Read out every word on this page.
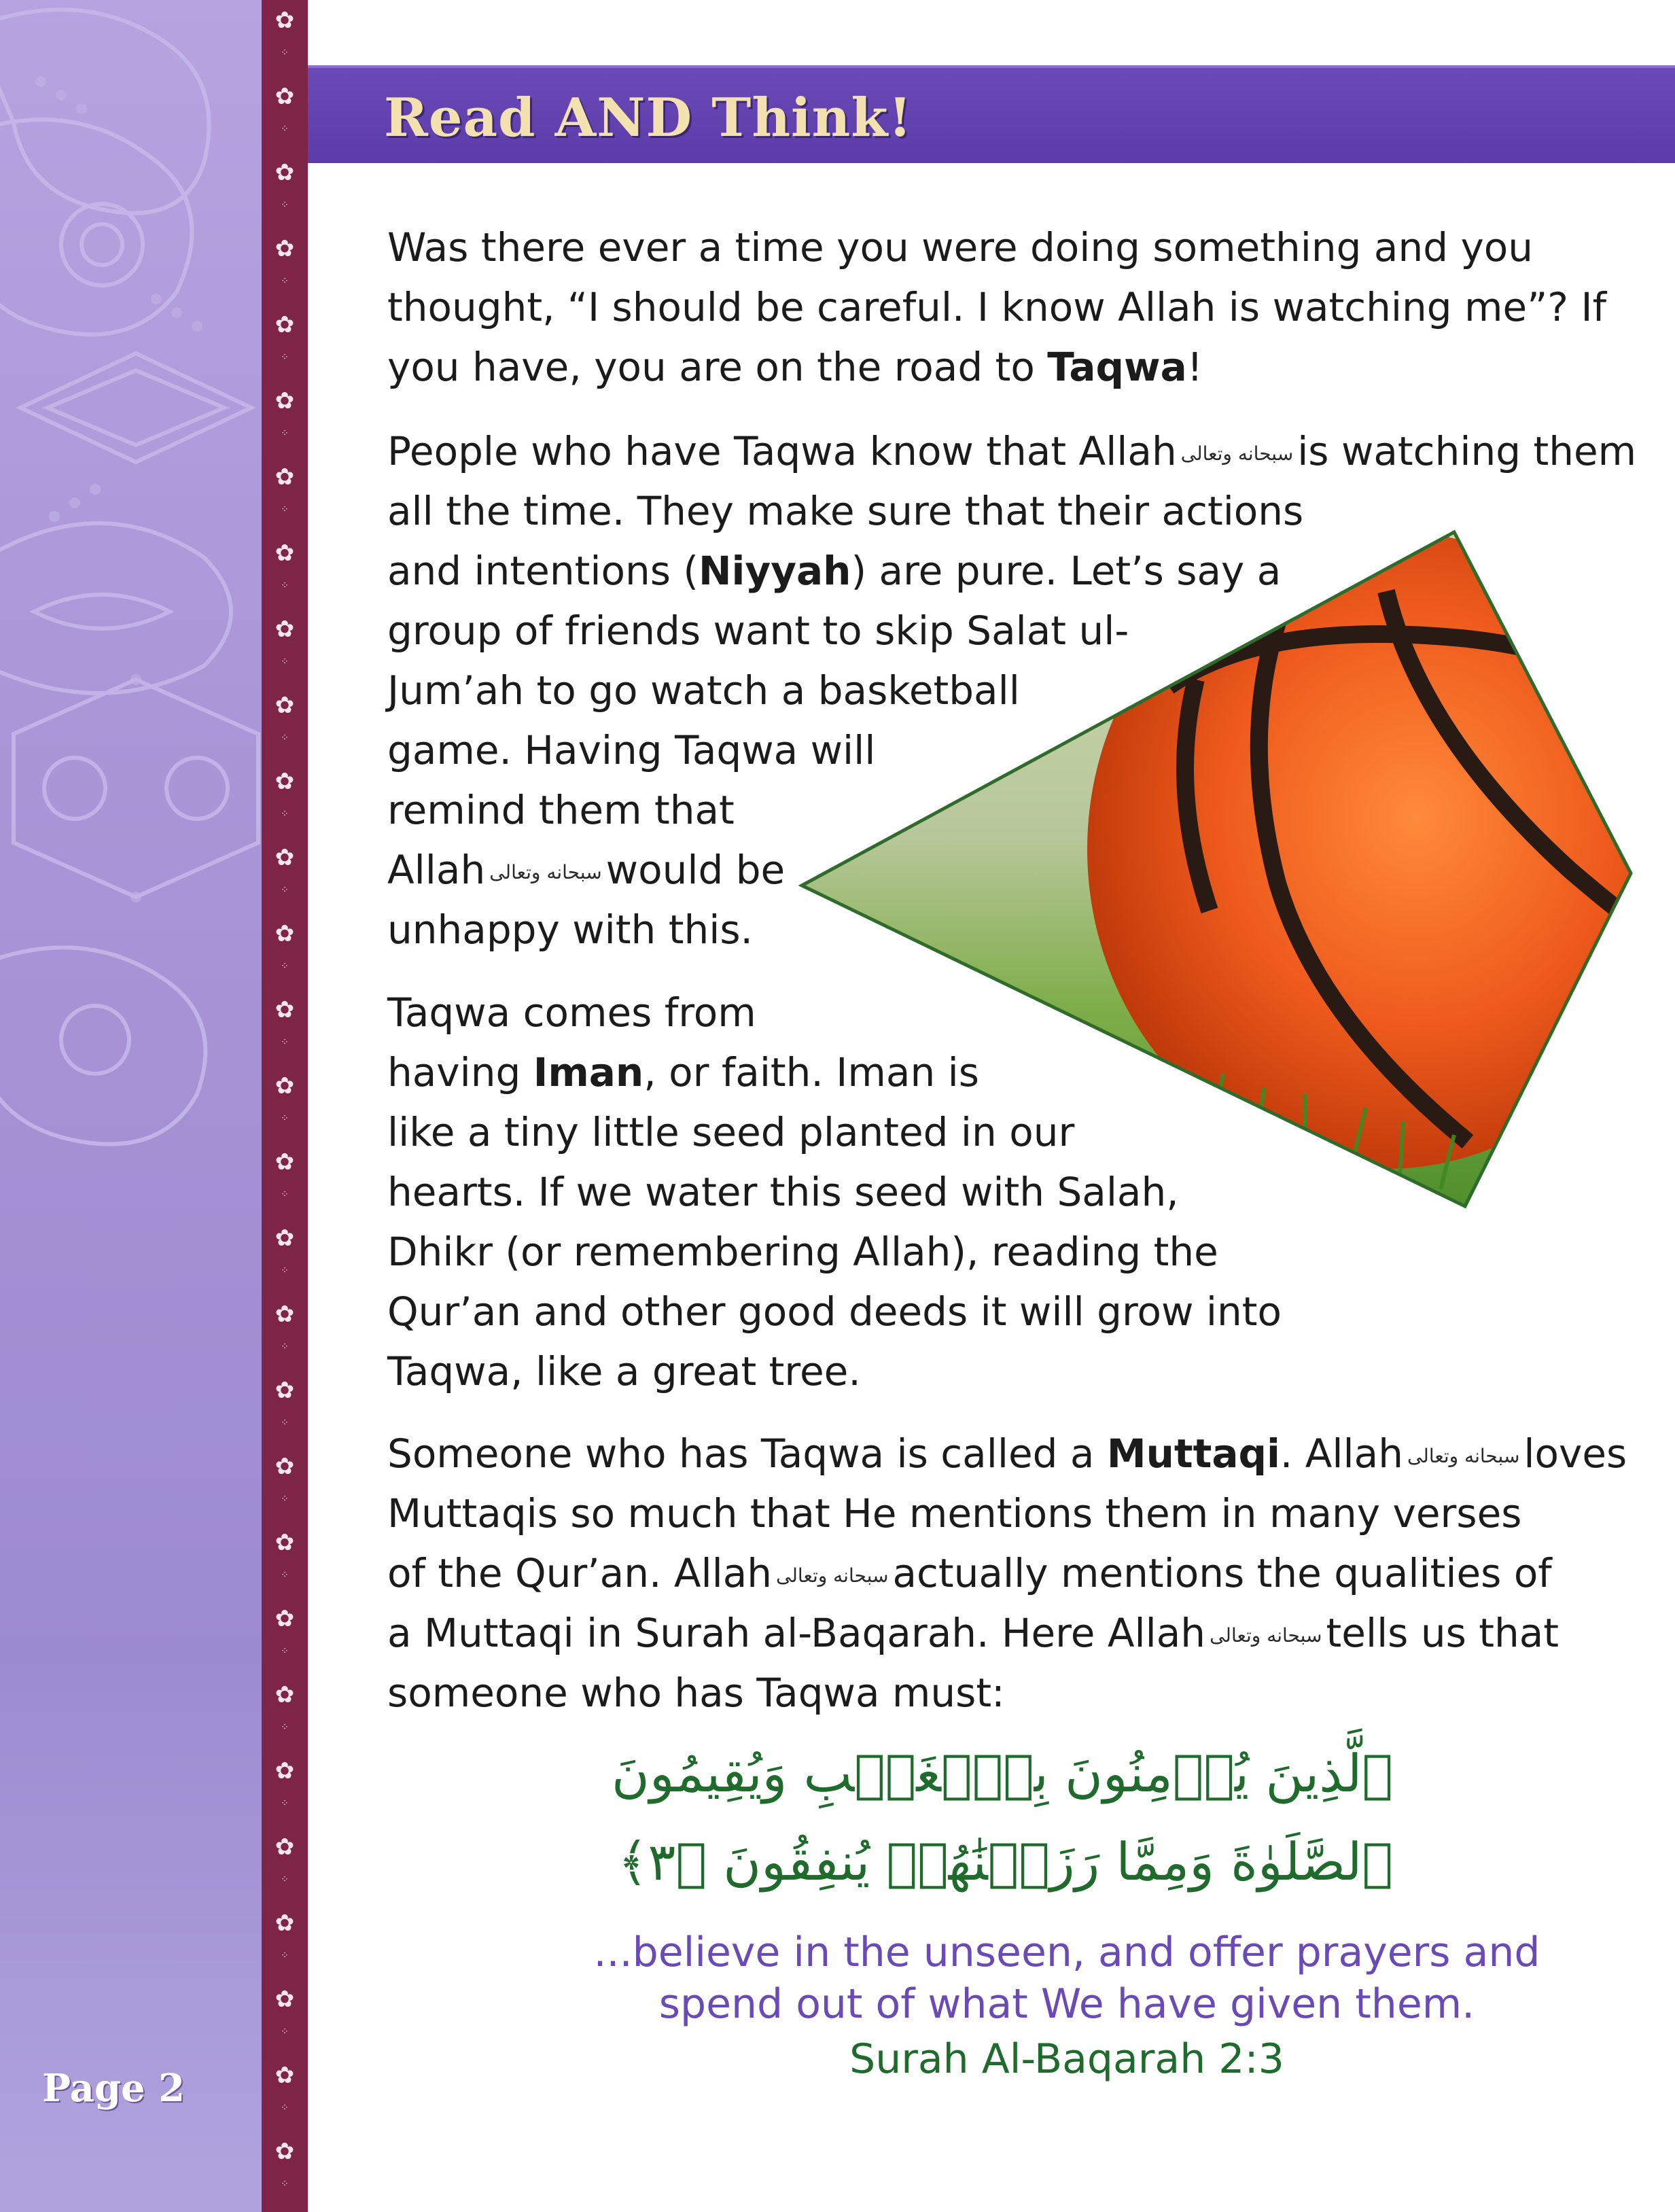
✿
⁘
✿
⁘
✿
⁘
✿
⁘
✿
⁘
✿
⁘
✿
⁘
✿
⁘
✿
⁘
✿
⁘
✿
⁘
✿
⁘
✿
⁘
✿
⁘
✿
⁘
✿
⁘
✿
⁘
✿
⁘
✿
⁘
✿
⁘
✿
⁘
✿
⁘
✿
⁘
✿
⁘
✿
⁘
✿
⁘
✿
⁘
✿
⁘
✿
⁘
Page 2
Read AND Think!
Was there ever a time you were doing something and you
thought, “I should be careful. I know Allah is watching me”? If
you have, you are on the road to Taqwa!
People who have Taqwa know that Allah سبحانه وتعالى is watching them
all the time. They make sure that their actions
and intentions (Niyyah) are pure. Let’s say a
group of friends want to skip Salat ul-
Jum’ah to go watch a basketball
game. Having Taqwa will
remind them that
Allah سبحانه وتعالى would be
unhappy with this.
Taqwa comes from
having Iman, or faith. Iman is
like a tiny little seed planted in our
hearts. If we water this seed with Salah,
Dhikr (or remembering Allah), reading the
Qur’an and other good deeds it will grow into
Taqwa, like a great tree.
Someone who has Taqwa is called a Muttaqi. Allah سبحانه وتعالى loves
Muttaqis so much that He mentions them in many verses
of the Qur’an. Allah سبحانه وتعالى actually mentions the qualities of
a Muttaqi in Surah al-Baqarah. Here Allah سبحانه وتعالى tells us that
someone who has Taqwa must:
ٱلَّذِينَ يُؤۡمِنُونَ بِٱلۡغَيۡبِ وَيُقِيمُونَ
ٱلصَّلَوٰةَ وَمِمَّا رَزَقۡنَٰهُمۡ يُنفِقُونَ ﴿٣﴾
...believe in the unseen, and offer prayers and
spend out of what We have given them.
Surah Al-Baqarah 2:3
